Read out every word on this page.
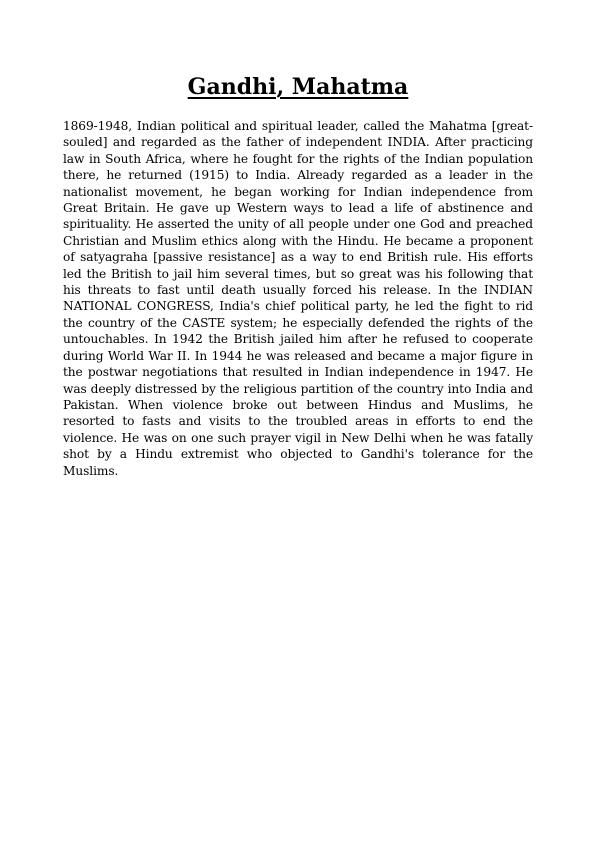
Gandhi, Mahatma

1869-1948, Indian political and spiritual leader, called the Mahatma [great-souled] and regarded as the father of independent INDIA. After practicing law in South Africa, where he fought for the rights of the Indian population there, he returned (1915) to India. Already regarded as a leader in the nationalist movement, he began working for Indian independence from Great Britain. He gave up Western ways to lead a life of abstinence and spirituality. He asserted the unity of all people under one God and preached Christian and Muslim ethics along with the Hindu. He became a proponent of satyagraha [passive resistance] as a way to end British rule. His efforts led the British to jail him several times, but so great was his following that his threats to fast until death usually forced his release. In the INDIAN NATIONAL CONGRESS, India's chief political party, he led the fight to rid the country of the CASTE system; he especially defended the rights of the untouchables. In 1942 the British jailed him after he refused to cooperate during World War II. In 1944 he was released and became a major figure in the postwar negotiations that resulted in Indian independence in 1947. He was deeply distressed by the religious partition of the country into India and Pakistan. When violence broke out between Hindus and Muslims, he resorted to fasts and visits to the troubled areas in efforts to end the violence. He was on one such prayer vigil in New Delhi when he was fatally shot by a Hindu extremist who objected to Gandhi's tolerance for the Muslims.
